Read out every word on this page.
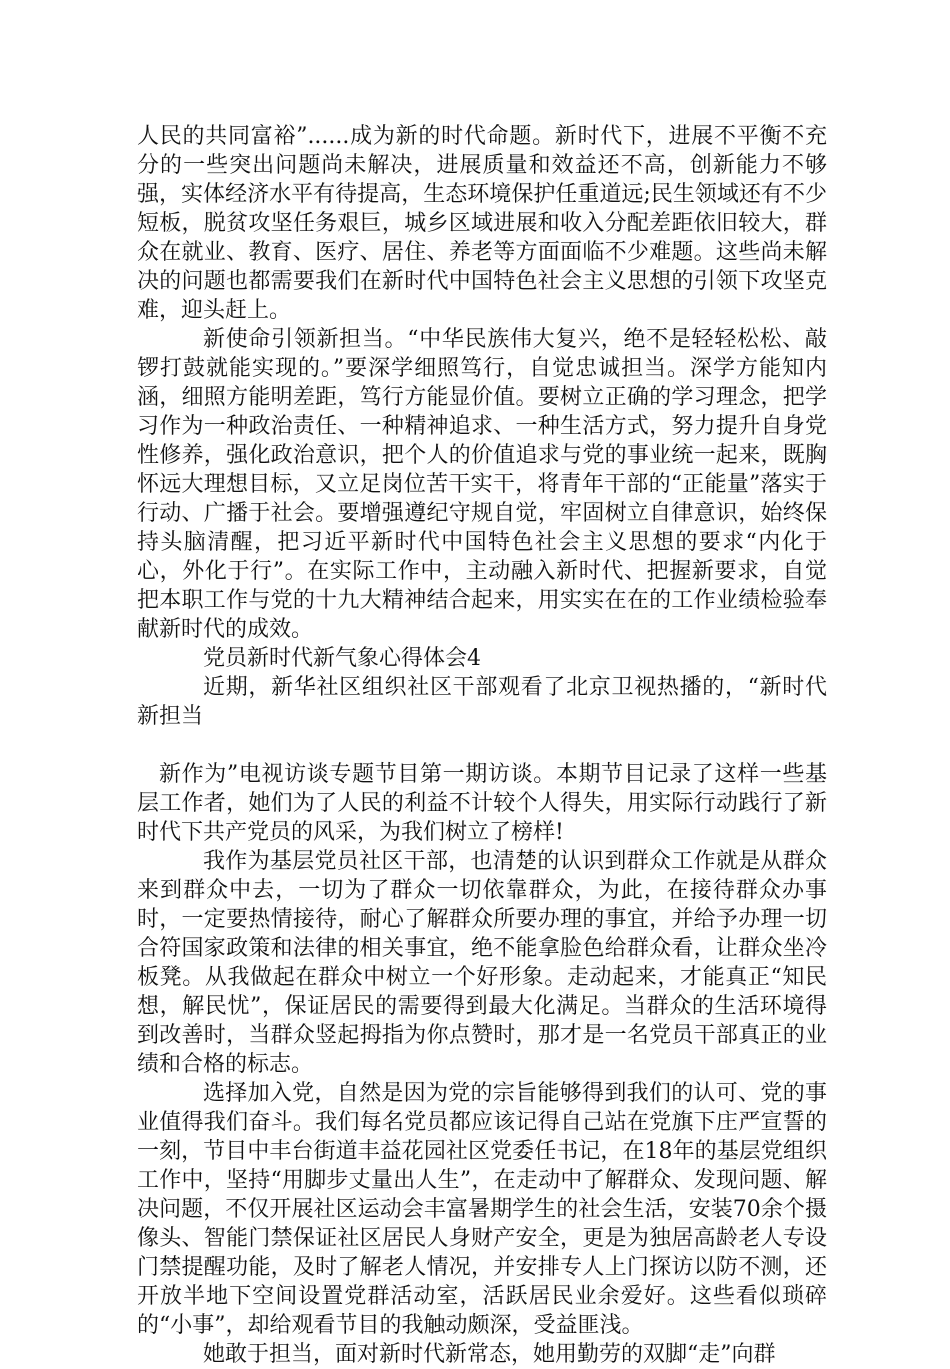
人民的共同富裕”......成为新的时代命题。新时代下，进展不平衡不充分的一些突出问题尚未解决，进展质量和效益还不高，创新能力不够强，实体经济水平有待提高，生态环境保护任重道远;民生领域还有不少短板，脱贫攻坚任务艰巨，城乡区域进展和收入分配差距依旧较大，群众在就业、教育、医疗、居住、养老等方面面临不少难题。这些尚未解决的问题也都需要我们在新时代中国特色社会主义思想的引领下攻坚克难，迎头赶上。

新使命引领新担当。“中华民族伟大复兴，绝不是轻轻松松、敲锣打鼓就能实现的。”要深学细照笃行，自觉忠诚担当。深学方能知内涵，细照方能明差距，笃行方能显价值。要树立正确的学习理念，把学习作为一种政治责任、一种精神追求、一种生活方式，努力提升自身党性修养，强化政治意识，把个人的价值追求与党的事业统一起来，既胸怀远大理想目标，又立足岗位苦干实干，将青年干部的“正能量”落实于行动、广播于社会。要增强遵纪守规自觉，牢固树立自律意识，始终保持头脑清醒，把习近平新时代中国特色社会主义思想的要求“内化于心，外化于行”。在实际工作中，主动融入新时代、把握新要求，自觉把本职工作与党的十九大精神结合起来，用实实在在的工作业绩检验奉献新时代的成效。

党员新时代新气象心得体会4

近期，新华社区组织社区干部观看了北京卫视热播的，“新时代 新担当

新作为”电视访谈专题节目第一期访谈。本期节目记录了这样一些基层工作者，她们为了人民的利益不计较个人得失，用实际行动践行了新时代下共产党员的风采，为我们树立了榜样!

我作为基层党员社区干部，也清楚的认识到群众工作就是从群众来到群众中去，一切为了群众一切依靠群众，为此，在接待群众办事时，一定要热情接待，耐心了解群众所要办理的事宜，并给予办理一切合符国家政策和法律的相关事宜，绝不能拿脸色给群众看，让群众坐冷板凳。从我做起在群众中树立一个好形象。走动起来，才能真正“知民想，解民忧”，保证居民的需要得到最大化满足。当群众的生活环境得到改善时，当群众竖起拇指为你点赞时，那才是一名党员干部真正的业绩和合格的标志。

选择加入党，自然是因为党的宗旨能够得到我们的认可、党的事业值得我们奋斗。我们每名党员都应该记得自己站在党旗下庄严宣誓的一刻，节目中丰台街道丰益花园社区党委任书记，在18年的基层党组织工作中，坚持“用脚步丈量出人生”，在走动中了解群众、发现问题、解决问题，不仅开展社区运动会丰富暑期学生的社会生活，安装70余个摄像头、智能门禁保证社区居民人身财产安全，更是为独居高龄老人专设门禁提醒功能，及时了解老人情况，并安排专人上门探访以防不测，还开放半地下空间设置党群活动室，活跃居民业余爱好。这些看似琐碎的“小事”，却给观看节目的我触动颇深，受益匪浅。

她敢于担当，面对新时代新常态，她用勤劳的双脚“走”向群
